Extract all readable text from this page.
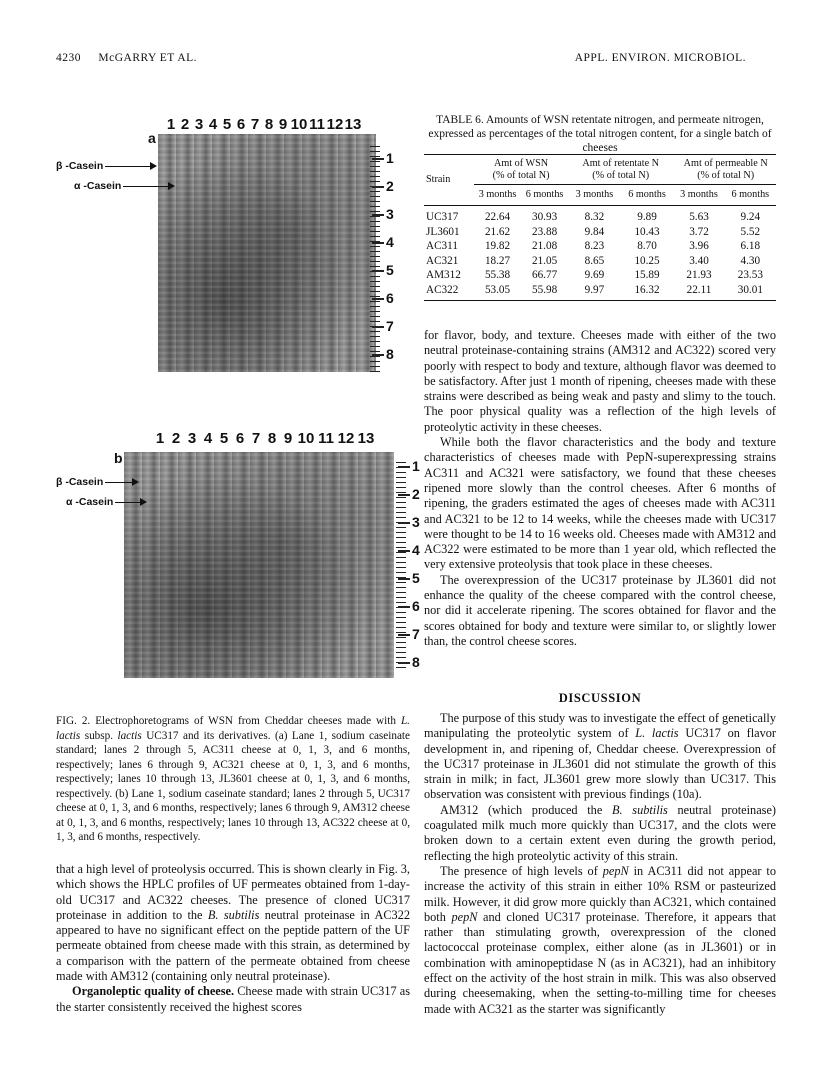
4230 McGARRY ET AL.	APPL. ENVIRON. MICROBIOL.
a
1 2 3 4 5 6 7 8 9 10 11 12 13
β -Casein
α -Casein
1
2
3
4
5
6
7
8
b
1 2 3 4 5 6 7 8 9 10 11 12 13
β -Casein
α -Casein
1
2
3
4
5
6
7
8
FIG. 2. Electrophoretograms of WSN from Cheddar cheeses made with L. lactis subsp. lactis UC317 and its derivatives. (a) Lane 1, sodium caseinate standard; lanes 2 through 5, AC311 cheese at 0, 1, 3, and 6 months, respectively; lanes 6 through 9, AC321 cheese at 0, 1, 3, and 6 months, respectively; lanes 10 through 13, JL3601 cheese at 0, 1, 3, and 6 months, respectively. (b) Lane 1, sodium caseinate standard; lanes 2 through 5, UC317 cheese at 0, 1, 3, and 6 months, respectively; lanes 6 through 9, AM312 cheese at 0, 1, 3, and 6 months, respectively; lanes 10 through 13, AC322 cheese at 0, 1, 3, and 6 months, respectively.

that a high level of proteolysis occurred. This is shown clearly in Fig. 3, which shows the HPLC profiles of UF permeates obtained from 1-day-old UC317 and AC322 cheeses. The presence of cloned UC317 proteinase in addition to the B. subtilis neutral proteinase in AC322 appeared to have no significant effect on the peptide pattern of the UF permeate obtained from cheese made with this strain, as determined by a comparison with the pattern of the permeate obtained from cheese made with AM312 (containing only neutral proteinase).

Organoleptic quality of cheese. Cheese made with strain UC317 as the starter consistently received the highest scores

TABLE 6. Amounts of WSN retentate nitrogen, and permeate nitrogen, expressed as percentages of the total nitrogen content, for a single batch of cheeses
Strain	Amt of WSN (% of total N)		Amt of retentate N (% of total N)		Amt of permeable N (% of total N)	
	3 months	6 months	3 months	6 months	3 months	6 months
UC317	22.64	30.93	8.32	9.89	5.63	9.24
JL3601	21.62	23.88	9.84	10.43	3.72	5.52
AC311	19.82	21.08	8.23	8.70	3.96	6.18
AC321	18.27	21.05	8.65	10.25	3.40	4.30
AM312	55.38	66.77	9.69	15.89	21.93	23.53
AC322	53.05	55.98	9.97	16.32	22.11	30.01

for flavor, body, and texture. Cheeses made with either of the two neutral proteinase-containing strains (AM312 and AC322) scored very poorly with respect to body and texture, although flavor was deemed to be satisfactory. After just 1 month of ripening, cheeses made with these strains were described as being weak and pasty and slimy to the touch. The poor physical quality was a reflection of the high levels of proteolytic activity in these cheeses.

While both the flavor characteristics and the body and texture characteristics of cheeses made with PepN-superexpressing strains AC311 and AC321 were satisfactory, we found that these cheeses ripened more slowly than the control cheeses. After 6 months of ripening, the graders estimated the ages of cheeses made with AC311 and AC321 to be 12 to 14 weeks, while the cheeses made with UC317 were thought to be 14 to 16 weeks old. Cheeses made with AM312 and AC322 were estimated to be more than 1 year old, which reflected the very extensive proteolysis that took place in these cheeses.

The overexpression of the UC317 proteinase by JL3601 did not enhance the quality of the cheese compared with the control cheese, nor did it accelerate ripening. The scores obtained for flavor and the scores obtained for body and texture were similar to, or slightly lower than, the control cheese scores.

DISCUSSION

The purpose of this study was to investigate the effect of genetically manipulating the proteolytic system of L. lactis UC317 on flavor development in, and ripening of, Cheddar cheese. Overexpression of the UC317 proteinase in JL3601 did not stimulate the growth of this strain in milk; in fact, JL3601 grew more slowly than UC317. This observation was consistent with previous findings (10a).

AM312 (which produced the B. subtilis neutral proteinase) coagulated milk much more quickly than UC317, and the clots were broken down to a certain extent even during the growth period, reflecting the high proteolytic activity of this strain.

The presence of high levels of pepN in AC311 did not appear to increase the activity of this strain in either 10% RSM or pasteurized milk. However, it did grow more quickly than AC321, which contained both pepN and cloned UC317 proteinase. Therefore, it appears that rather than stimulating growth, overexpression of the cloned lactococcal proteinase complex, either alone (as in JL3601) or in combination with aminopeptidase N (as in AC321), had an inhibitory effect on the activity of the host strain in milk. This was also observed during cheesemaking, when the setting-to-milling time for cheeses made with AC321 as the starter was significantly
